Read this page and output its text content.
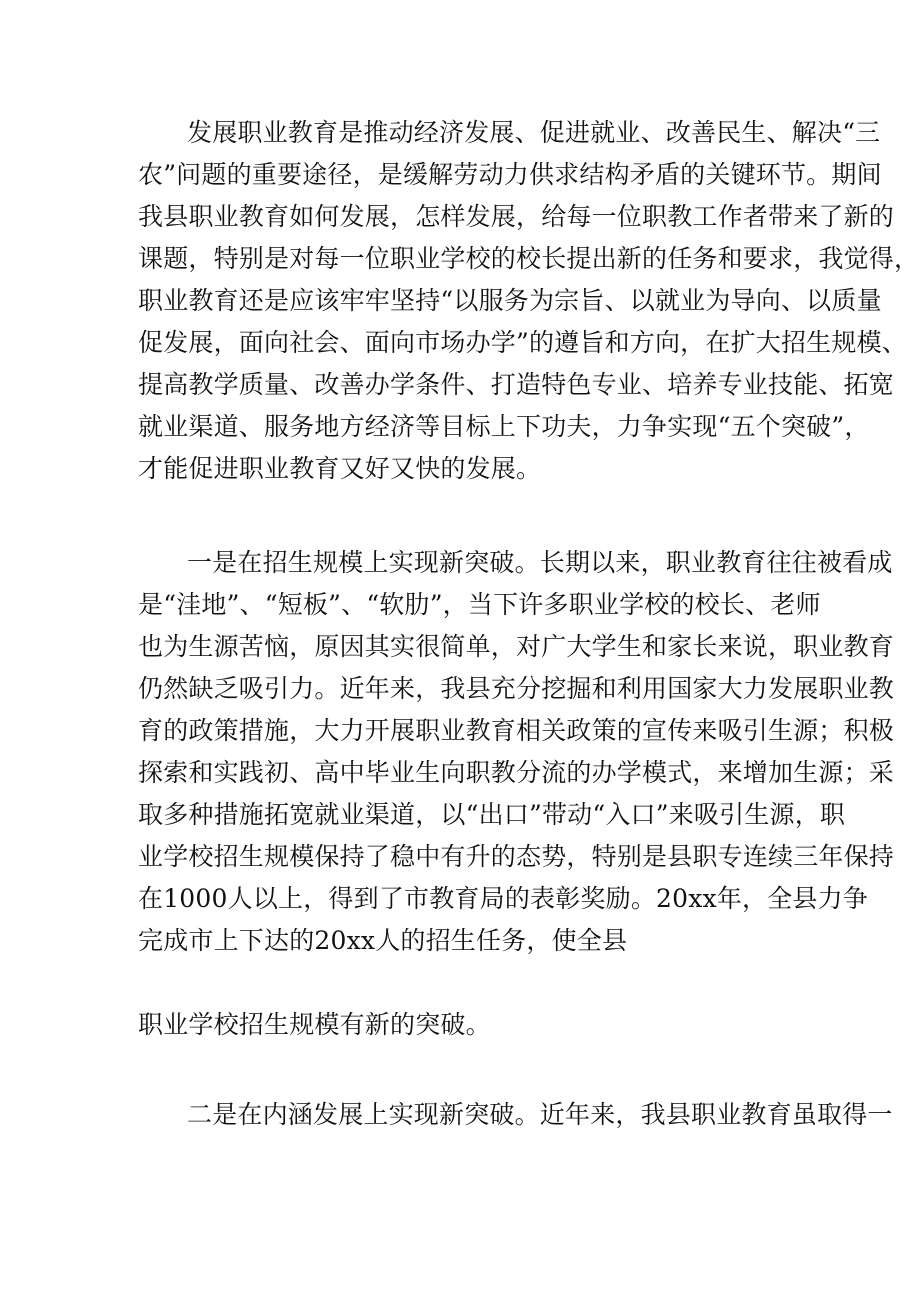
发展职业教育是推动经济发展、促进就业、改善民生、解决“三
农”问题的重要途径，是缓解劳动力供求结构矛盾的关键环节。期间
我县职业教育如何发展，怎样发展，给每一位职教工作者带来了新的
课题，特别是对每一位职业学校的校长提出新的任务和要求，我觉得，
职业教育还是应该牢牢坚持“以服务为宗旨、以就业为导向、以质量
促发展，面向社会、面向市场办学”的遵旨和方向，在扩大招生规模、
提高教学质量、改善办学条件、打造特色专业、培养专业技能、拓宽
就业渠道、服务地方经济等目标上下功夫，力争实现“五个突破”，
才能促进职业教育又好又快的发展。
一是在招生规模上实现新突破。长期以来，职业教育往往被看成
是“洼地”、“短板”、“软肋”，当下许多职业学校的校长、老师
也为生源苦恼，原因其实很简单，对广大学生和家长来说，职业教育
仍然缺乏吸引力。近年来，我县充分挖掘和利用国家大力发展职业教
育的政策措施，大力开展职业教育相关政策的宣传来吸引生源；积极
探索和实践初、高中毕业生向职教分流的办学模式，来增加生源；采
取多种措施拓宽就业渠道，以“出口”带动“入口”来吸引生源，职
业学校招生规模保持了稳中有升的态势，特别是县职专连续三年保持
在1000人以上，得到了市教育局的表彰奖励。20xx年，全县力争
完成市上下达的20xx人的招生任务，使全县
职业学校招生规模有新的突破。
二是在内涵发展上实现新突破。近年来，我县职业教育虽取得一
